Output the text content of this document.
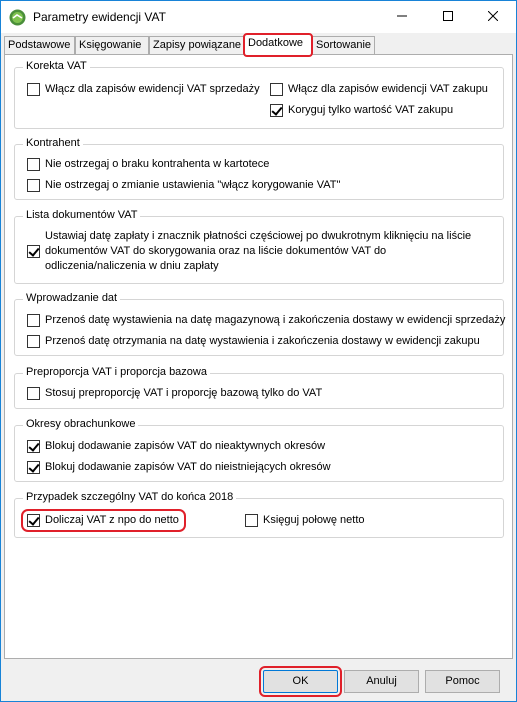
Parametry ewidencji VAT
Podstawowe Księgowanie	Zapisy powiązane Dodatkowe	Sortowanie
Korekta VAT
Włącz dla zapisów ewidencji VAT sprzedaży	Włącz dla zapisów ewidencji VAT zakupu
Koryguj tylko wartość VAT zakupu
Kontrahent
Nie ostrzegaj o braku kontrahenta w kartotece
Nie ostrzegaj o zmianie ustawienia "włącz korygowanie VAT"
Lista dokumentów VAT
Ustawiaj datę zapłaty i znacznik płatności częściowej po dwukrotnym kliknięciu na liście dokumentów VAT do skorygowania oraz na liście dokumentów VAT do odliczenia/naliczenia w dniu zapłaty
Wprowadzanie dat
Przenoś datę wystawienia na datę magazynową i zakończenia dostawy w ewidencji sprzedaży
Przenoś datę otrzymania na datę wystawienia i zakończenia dostawy w ewidencji zakupu
Preproporcja VAT i proporcja bazowa
Stosuj preproporcję VAT i proporcję bazową tylko do VAT
Okresy obrachunkowe
Blokuj dodawanie zapisów VAT do nieaktywnych okresów
Blokuj dodawanie zapisów VAT do nieistniejących okresów
Przypadek szczególny VAT do końca 2018
Doliczaj VAT z npo do netto	Księguj połowę netto
OK	Anuluj	Pomoc
